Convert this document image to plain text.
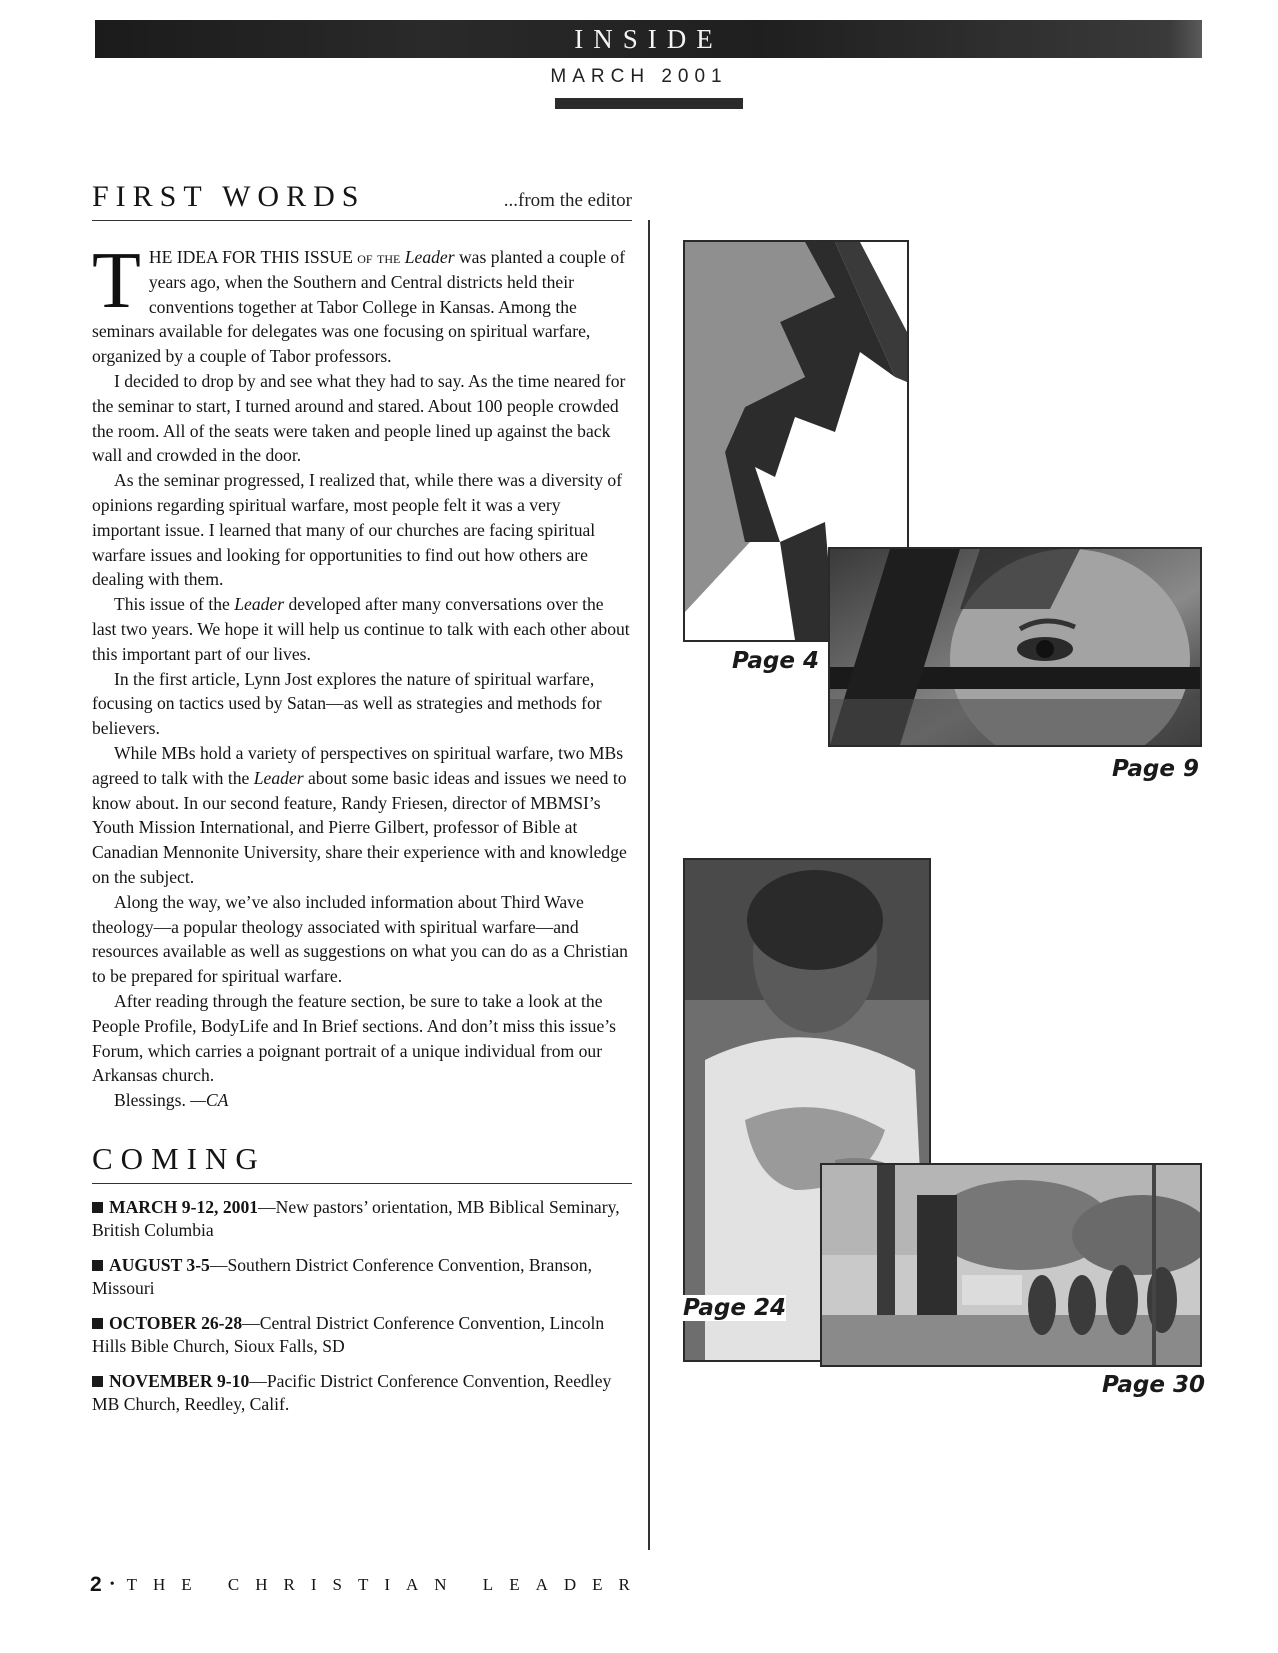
INSIDE
MARCH 2001
FIRST WORDS	...from the editor

THE IDEA FOR THIS ISSUE of the Leader was planted a couple of years ago, when the Southern and Central districts held their conventions together at Tabor College in Kansas. Among the seminars available for delegates was one focusing on spiritual warfare, organized by a couple of Tabor professors.

I decided to drop by and see what they had to say. As the time neared for the seminar to start, I turned around and stared. About 100 people crowded the room. All of the seats were taken and people lined up against the back wall and crowded in the door.

As the seminar progressed, I realized that, while there was a diversity of opinions regarding spiritual warfare, most people felt it was a very important issue. I learned that many of our churches are facing spiritual warfare issues and looking for opportunities to find out how others are dealing with them.

This issue of the Leader developed after many conversations over the last two years. We hope it will help us continue to talk with each other about this important part of our lives.

In the first article, Lynn Jost explores the nature of spiritual warfare, focusing on tactics used by Satan—as well as strategies and methods for believers.

While MBs hold a variety of perspectives on spiritual warfare, two MBs agreed to talk with the Leader about some basic ideas and issues we need to know about. In our second feature, Randy Friesen, director of MBMSI’s Youth Mission International, and Pierre Gilbert, professor of Bible at Canadian Mennonite University, share their experience with and knowledge on the subject.

Along the way, we’ve also included information about Third Wave theology—a popular theology associated with spiritual warfare—and resources available as well as suggestions on what you can do as a Christian to be prepared for spiritual warfare.

After reading through the feature section, be sure to take a look at the People Profile, BodyLife and In Brief sections. And don’t miss this issue’s Forum, which carries a poignant portrait of a unique individual from our Arkansas church.

Blessings. —CA

COMING
MARCH 9-12, 2001—New pastors’ orientation, MB Biblical Seminary, British Columbia
AUGUST 3-5—Southern District Conference Convention, Branson, Missouri
OCTOBER 26-28—Central District Conference Convention, Lincoln Hills Bible Church, Sioux Falls, SD
NOVEMBER 9-10—Pacific District Conference Convention, Reedley MB Church, Reedley, Calif.
Page 4
Page 9
Page 24
Page 30
2 • THE CHRISTIAN LEADER
